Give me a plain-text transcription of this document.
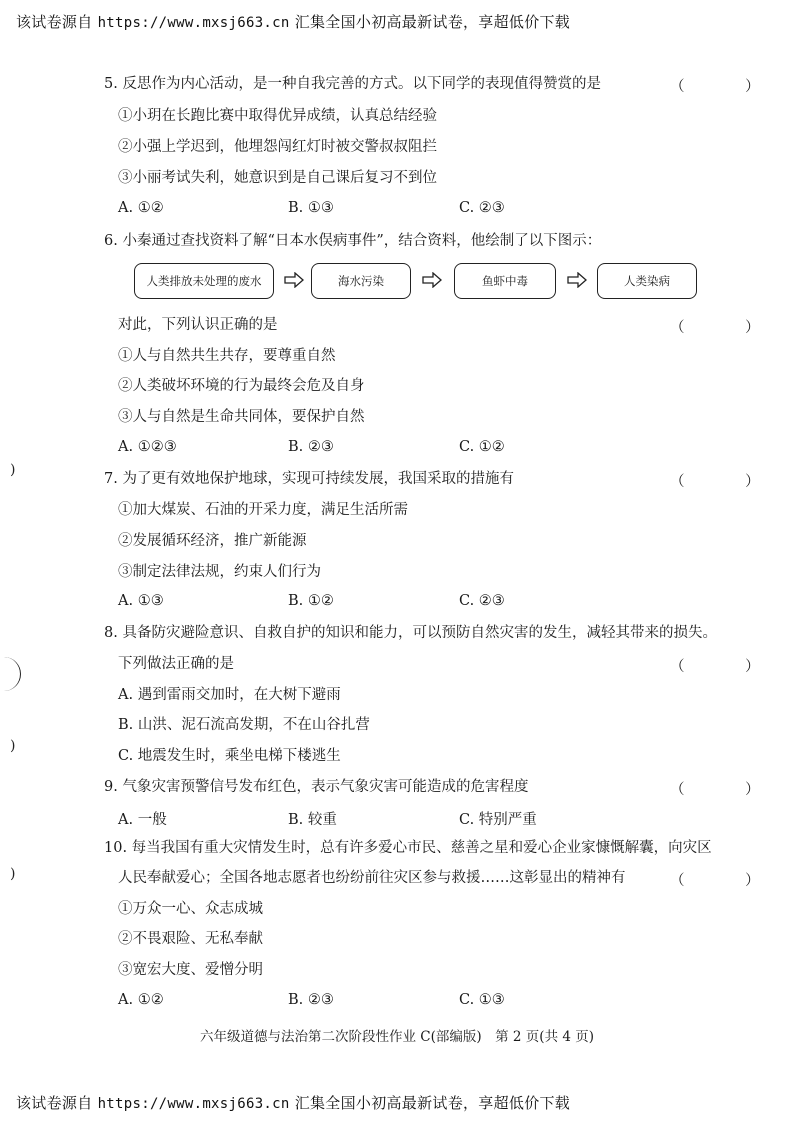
该试卷源自 https://www.mxsj663.cn 汇集全国小初高最新试卷，享超低价下载
5. 反思作为内心活动，是一种自我完善的方式。以下同学的表现值得赞赏的是	（ ）
①小玥在长跑比赛中取得优异成绩，认真总结经验
②小强上学迟到，他埋怨闯红灯时被交警叔叔阻拦
③小丽考试失利，她意识到是自己课后复习不到位
A. ①②	B. ①③	C. ②③
6. 小秦通过查找资料了解“日本水俣病事件”，结合资料，他绘制了以下图示：
人类排放未处理的废水	海水污染	鱼虾中毒	人类染病
对此，下列认识正确的是	（ ）
①人与自然共生共存，要尊重自然
②人类破坏环境的行为最终会危及自身
③人与自然是生命共同体，要保护自然
A. ①②③	B. ②③	C. ①②
7. 为了更有效地保护地球，实现可持续发展，我国采取的措施有	（ ）
①加大煤炭、石油的开采力度，满足生活所需
②发展循环经济，推广新能源
③制定法律法规，约束人们行为
A. ①③	B. ①②	C. ②③
8. 具备防灾避险意识、自救自护的知识和能力，可以预防自然灾害的发生，减轻其带来的损失。
下列做法正确的是	（ ）
A. 遇到雷雨交加时，在大树下避雨
B. 山洪、泥石流高发期，不在山谷扎营
C. 地震发生时，乘坐电梯下楼逃生
9. 气象灾害预警信号发布红色，表示气象灾害可能造成的危害程度	（ ）
A. 一般	B. 较重	C. 特别严重
10. 每当我国有重大灾情发生时，总有许多爱心市民、慈善之星和爱心企业家慷慨解囊，向灾区
人民奉献爱心；全国各地志愿者也纷纷前往灾区参与救援……这彰显出的精神有	（ ）
①万众一心、众志成城
②不畏艰险、无私奉献
③宽宏大度、爱憎分明
A. ①②	B. ②③	C. ①③
六年级道德与法治第二次阶段性作业 C(部编版)　第 2 页(共 4 页)
)
)
)
该试卷源自 https://www.mxsj663.cn 汇集全国小初高最新试卷，享超低价下载
